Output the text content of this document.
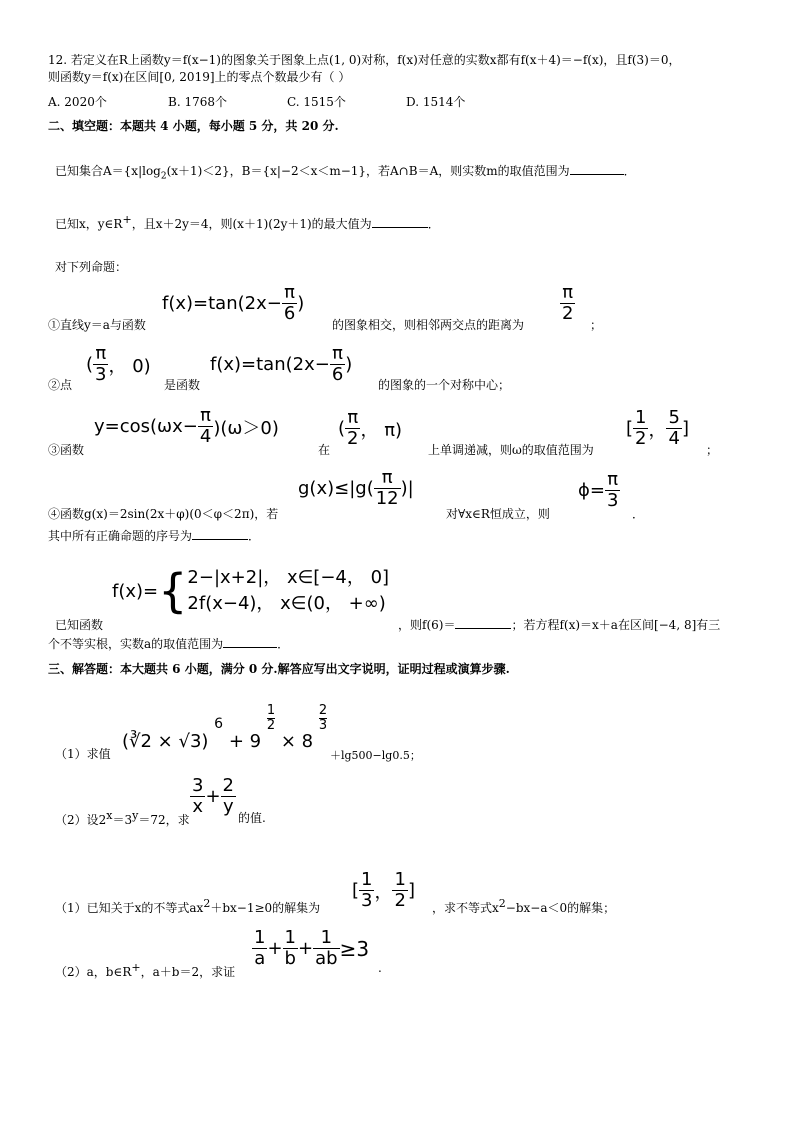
12. 若定义在R上函数y＝f(x−1)的图象关于图象上点(1, 0)对称，f(x)对任意的实数x都有f(x＋4)＝−f(x)，且f(3)＝0，
则函数y＝f(x)在区间[0, 2019]上的零点个数最少有（ ）
A. 2020个	B. 1768个	C. 1515个	D. 1514个
二、填空题：本题共 4 小题，每小题 5 分，共 20 分.
已知集合$A=\{x|\log_2(x+1)<2\}$，B＝{x|−2＜x＜m−1}，若A∩B＝A，则实数m的取值范围为	．
已知x，y∈R+，且x＋2y＝4，则(x＋1)(2y＋1)的最大值为	．
对下列命题：
①直线y＝a与函数
$f(x)=\tan(2x- \frac{\pi}{6}$ )
的图象相交，则相邻两交点的距离为
$\frac{\pi}{2}$
；
②点
( $\frac{\pi}{3}$ ， 0)
是函数
$f(x)=\tan(2x- \frac{\pi}{6}$ )
的图象的一个对称中心；
③函数
$y=\cos(\omega x- \frac{\pi}{4} )(\omega>0)$
在
( $\frac{\pi}{2}$ ， π)
上单调递减，则ω的取值范围为
[ $\frac{1}{2}$ ， $\frac{5}{4}$ ]
；
④函数g(x)＝2sin(2x＋φ)(0＜φ＜2π)，若
$g(x)\le|g( \frac{\pi}{12}$ )|
对∀x∈R恒成立，则
$\phi= \frac{\pi}{3}$
．
其中所有正确命题的序号为	．
已知函数
f(x)= { 2−|x+2|， x∈[−4， 0]
2f(x−4)， x∈(0， +∞)
，则f(6)＝	；若方程f(x)＝x＋a在区间[−4, 8]有三
个不等实根，实数a的取值范围为	．
三、解答题：本大题共 6 小题，满分 0 分.解答应写出文字说明，证明过程或演算步骤.
（1）求值
(∛2 × √3) 6 + 9
$\frac{1}{2}$
× 8
$\frac{2}{3}$
＋lg500−lg0.5；
（2）设2x＝3y＝72，求
$\frac{3}{x} + \frac{2}{y}$
的值.
（1）已知关于x的不等式ax2＋bx−1≥0的解集为
[ $\frac{1}{3}$ ， $\frac{1}{2}$ ]
，求不等式x2−bx−a＜0的解集；
（2）a，b∈R+，a＋b＝2，求证
$\frac{1}{a} + \frac{1}{b} + \frac{1}{ab} \ge 3$
.
